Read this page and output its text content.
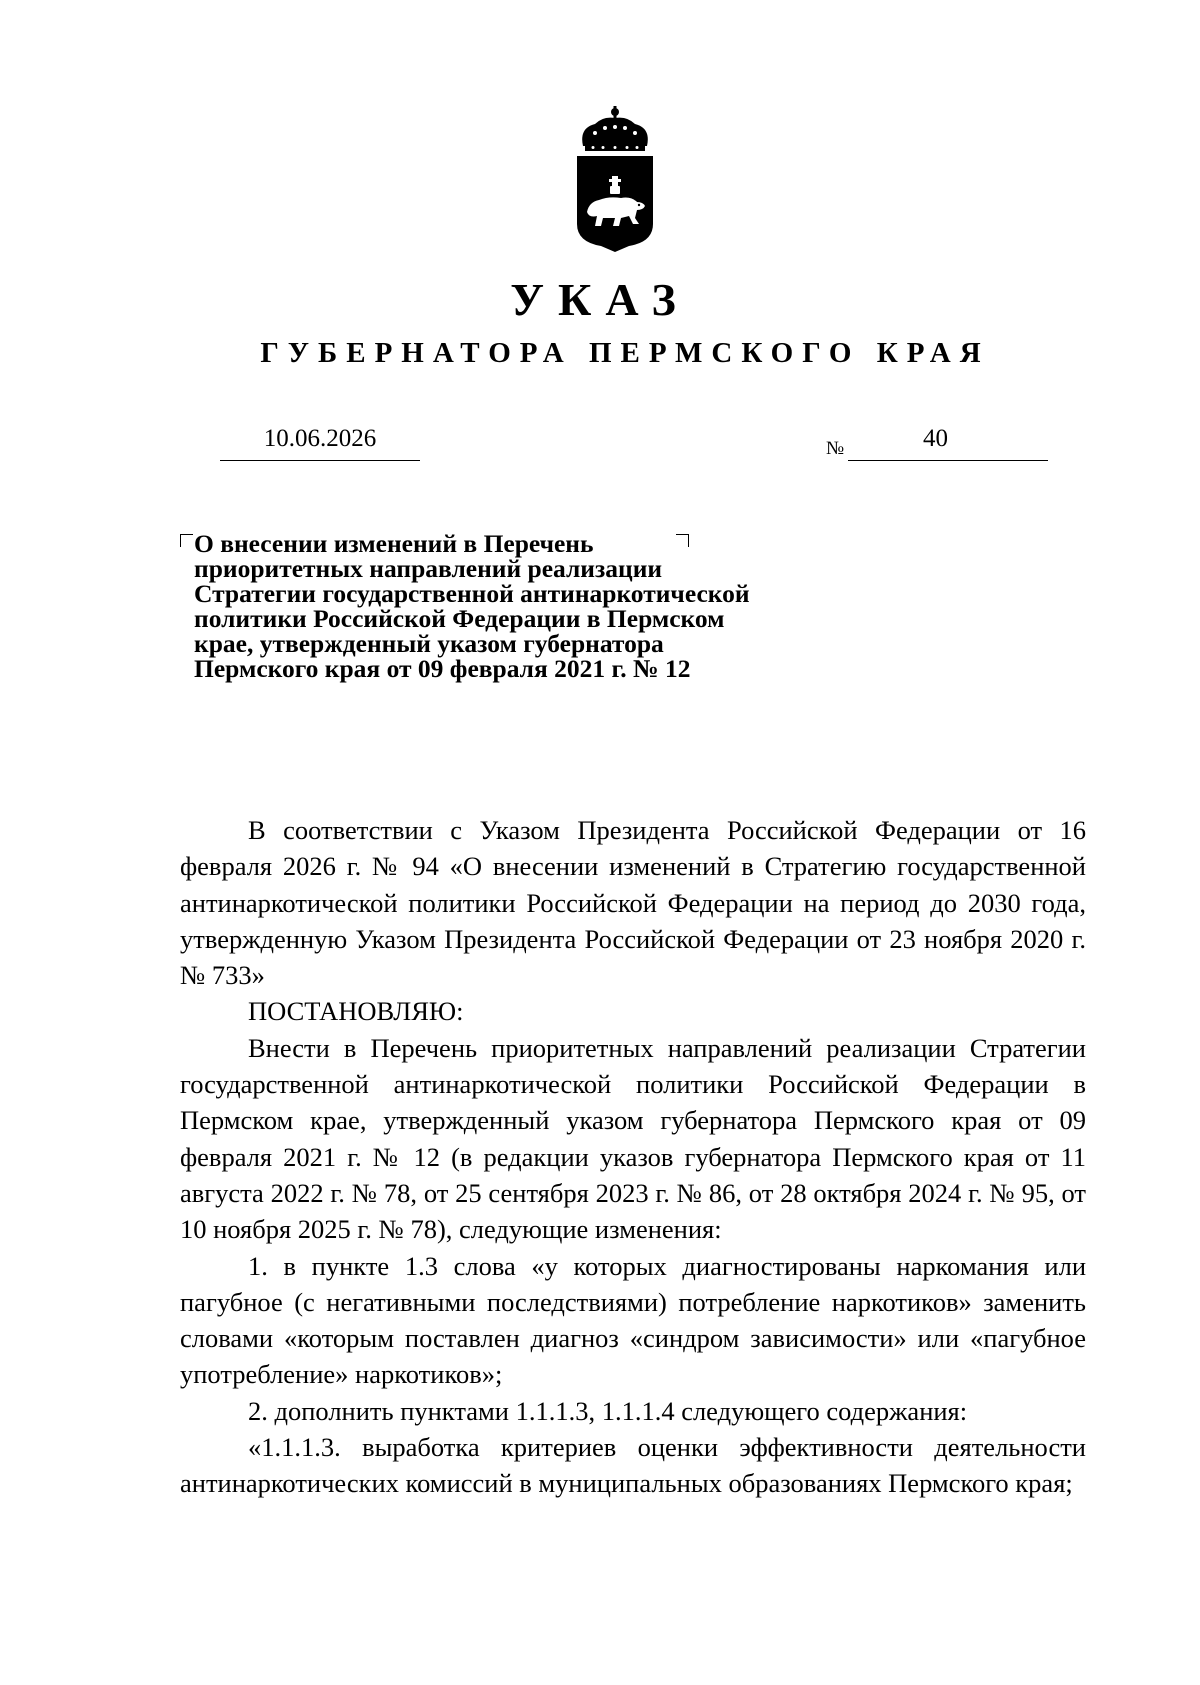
УКАЗ
ГУБЕРНАТОРА ПЕРМСКОГО КРАЯ
10.06.2026	№	40
О внесении изменений в Перечень
приоритетных направлений реализации
Стратегии государственной антинаркотической
политики Российской Федерации в Пермском
крае, утвержденный указом губернатора
Пермского края от 09 февраля 2021 г. № 12

В соответствии с Указом Президента Российской Федерации от 16 февраля 2026 г. № 94 «О внесении изменений в Стратегию государственной антинаркотической политики Российской Федерации на период до 2030 года, утвержденную Указом Президента Российской Федерации от 23 ноября 2020 г. № 733»

ПОСТАНОВЛЯЮ:

Внести в Перечень приоритетных направлений реализации Стратегии государственной антинаркотической политики Российской Федерации в Пермском крае, утвержденный указом губернатора Пермского края от 09 февраля 2021 г. № 12 (в редакции указов губернатора Пермского края от 11 августа 2022 г. № 78, от 25 сентября 2023 г. № 86, от 28 октября 2024 г. № 95, от 10 ноября 2025 г. № 78), следующие изменения:

1. в пункте 1.3 слова «у которых диагностированы наркомания или пагубное (с негативными последствиями) потребление наркотиков» заменить словами «которым поставлен диагноз «синдром зависимости» или «пагубное употребление» наркотиков»;

2. дополнить пунктами 1.1.1.3, 1.1.1.4 следующего содержания:

«1.1.1.3. выработка критериев оценки эффективности деятельности антинаркотических комиссий в муниципальных образованиях Пермского края;
